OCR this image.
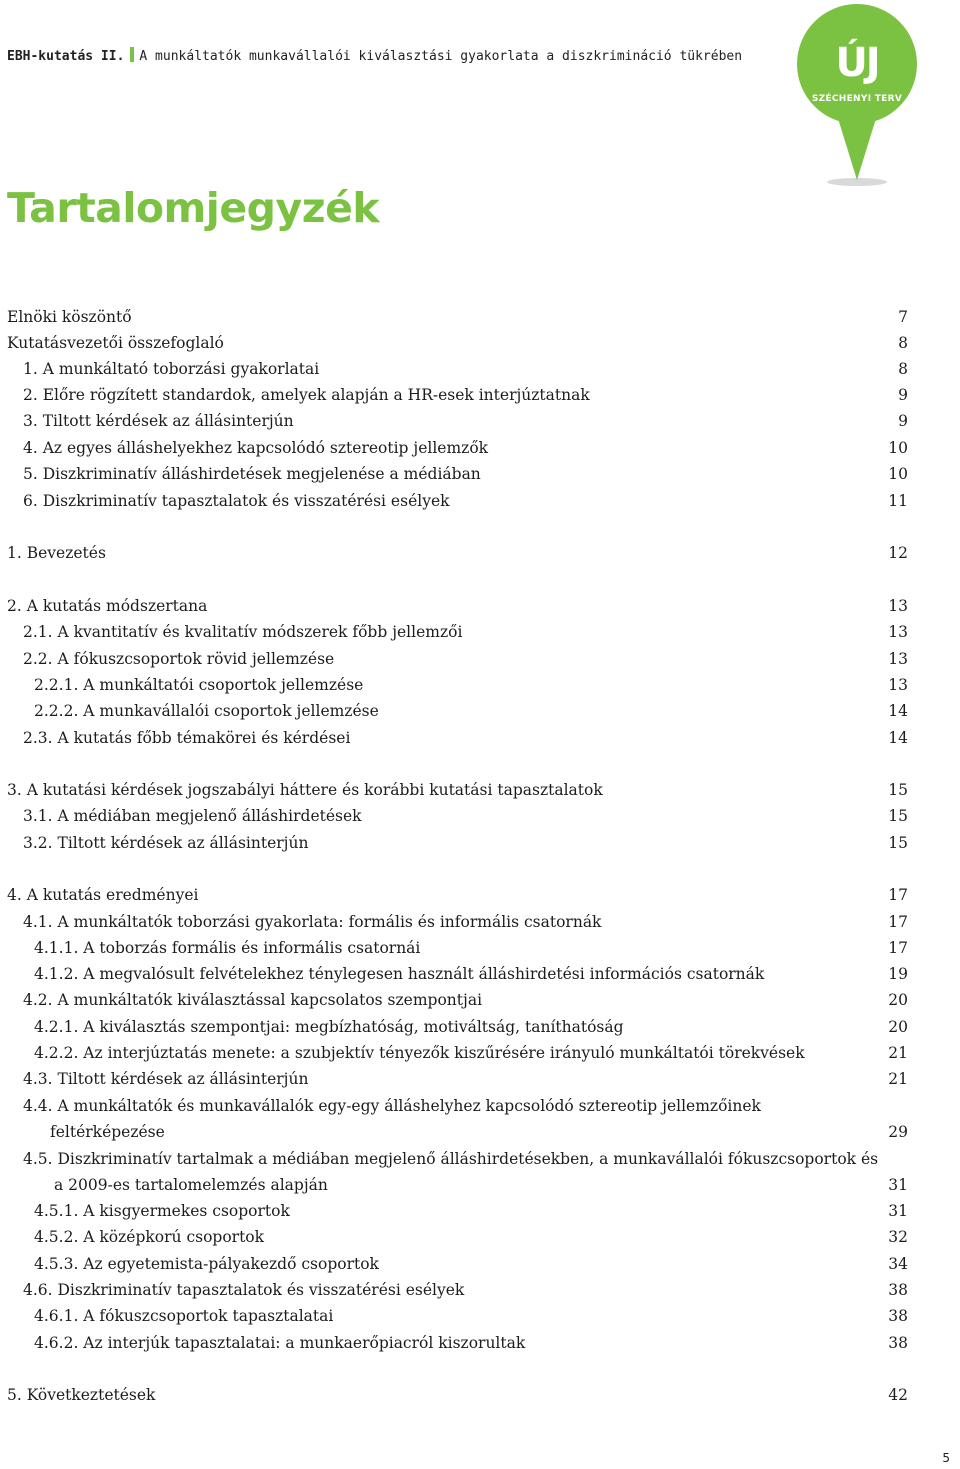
EBH-kutatás II. A munkáltatók munkavállalói kiválasztási gyakorlata a diszkrimináció tükrében	ÚJ
SZÉCHENYI TERV
Tartalomjegyzék
Elnöki köszöntő	7
Kutatásvezetői összefoglaló	8
1. A munkáltató toborzási gyakorlatai	8
2. Előre rögzített standardok, amelyek alapján a HR-esek interjúztatnak	9
3. Tiltott kérdések az állásinterjún	9
4. Az egyes álláshelyekhez kapcsolódó sztereotip jellemzők	10
5. Diszkriminatív álláshirdetések megjelenése a médiában	10
6. Diszkriminatív tapasztalatok és visszatérési esélyek	11
1. Bevezetés	12
2. A kutatás módszertana	13
2.1. A kvantitatív és kvalitatív módszerek főbb jellemzői	13
2.2. A fókuszcsoportok rövid jellemzése	13
2.2.1. A munkáltatói csoportok jellemzése	13
2.2.2. A munkavállalói csoportok jellemzése	14
2.3. A kutatás főbb témakörei és kérdései	14
3. A kutatási kérdések jogszabályi háttere és korábbi kutatási tapasztalatok	15
3.1. A médiában megjelenő álláshirdetések	15
3.2. Tiltott kérdések az állásinterjún	15
4. A kutatás eredményei	17
4.1. A munkáltatók toborzási gyakorlata: formális és informális csatornák	17
4.1.1. A toborzás formális és informális csatornái	17
4.1.2. A megvalósult felvételekhez ténylegesen használt álláshirdetési információs csatornák	19
4.2. A munkáltatók kiválasztással kapcsolatos szempontjai	20
4.2.1. A kiválasztás szempontjai: megbízhatóság, motiváltság, taníthatóság	20
4.2.2. Az interjúztatás menete: a szubjektív tényezők kiszűrésére irányuló munkáltatói törekvések	21
4.3. Tiltott kérdések az állásinterjún	21
4.4. A munkáltatók és munkavállalók egy-egy álláshelyhez kapcsolódó sztereotip jellemzőinek
feltérképezése	29
4.5. Diszkriminatív tartalmak a médiában megjelenő álláshirdetésekben, a munkavállalói fókuszcsoportok és
a 2009-es tartalomelemzés alapján	31
4.5.1. A kisgyermekes csoportok	31
4.5.2. A középkorú csoportok	32
4.5.3. Az egyetemista-pályakezdő csoportok	34
4.6. Diszkriminatív tapasztalatok és visszatérési esélyek	38
4.6.1. A fókuszcsoportok tapasztalatai	38
4.6.2. Az interjúk tapasztalatai: a munkaerőpiacról kiszorultak	38
5. Következtetések	42
5
